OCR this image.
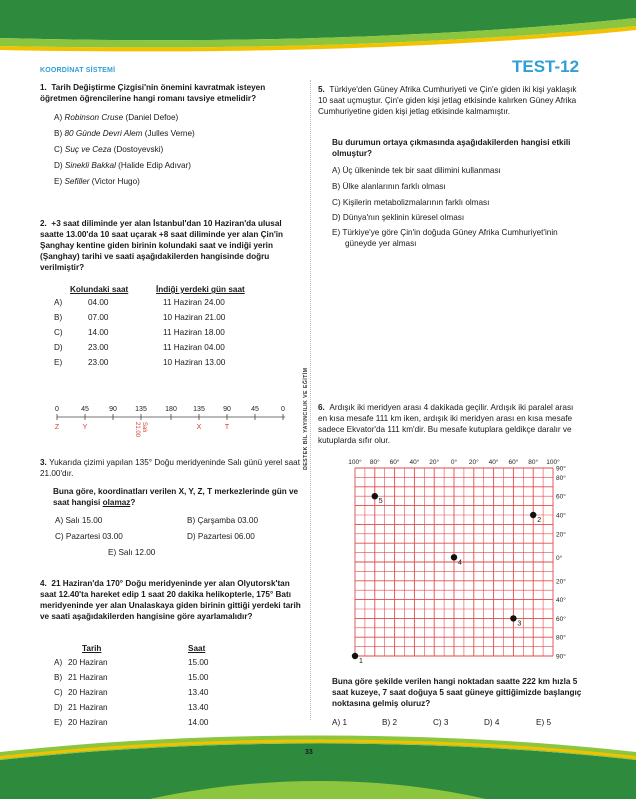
KOORDİNAT SİSTEMİ	TEST-12
DESTEK BİL YAYINCILIK VE EĞİTİM
1. Tarih Değiştirme Çizgisi'nin önemini kavratmak isteyen öğretmen öğrencilerine hangi romanı tavsiye etmelidir?
A) Robinson Cruse (Daniel Defoe)
B) 80 Günde Devri Alem (Julles Verne)
C) Suç ve Ceza (Dostoyevski)
D) Sinekli Bakkal (Halide Edip Adıvar)
E) Sefiller (Victor Hugo)
2. +3 saat diliminde yer alan İstanbul'dan 10 Haziran'da ulusal saatte 13.00'da 10 saat uçarak +8 saat diliminde yer alan Çin'in Şanghay kentine giden birinin kolundaki saat ve indiği yerin (Şanghay) tarihi ve saati aşağıdakilerden hangisinde doğru verilmiştir?
Kolundaki saat	İndiği yerdeki gün saat
A)	04.00	11 Haziran 24.00
B)	07.00	10 Haziran 21.00
C)	14.00	11 Haziran 18.00
D)	23.00	11 Haziran 04.00
E)	23.00	10 Haziran 13.00
0	45	90	135	180 135	90	45	0
Z	Y	X	T
Salı
21.00
3. Yukarıda çizimi yapılan 135° Doğu meridyeninde Salı günü yerel saat 21.00'dır.
Buna göre, koordinatları verilen X, Y, Z, T merkezlerinde gün ve saat hangisi olamaz?
A) Salı 15.00	B) Çarşamba 03.00
C) Pazartesi 03.00	D) Pazartesi 06.00
E) Salı 12.00
4. 21 Haziran'da 170° Doğu meridyeninde yer alan Olyutorsk'tan saat 12.40'ta hareket edip 1 saat 20 dakika helikopterle, 175° Batı meridyeninde yer alan Unalaskaya giden birinin gittiği yerdeki tarih ve saati aşağıdakilerden hangisine göre ayarlamalıdır?
Tarih	Saat
A) 20 Haziran	15.00
B) 21 Haziran	15.00
C) 20 Haziran	13.40
D) 21 Haziran	13.40
E) 20 Haziran	14.00
5. Türkiye'den Güney Afrika Cumhuriyeti ve Çin'e giden iki kişi yaklaşık 10 saat uçmuştur. Çin'e giden kişi jetlag etkisinde kalırken Güney Afrika Cumhuriyetine giden kişi jetlag etkisinde kalmamıştır.
Bu durumun ortaya çıkmasında aşağıdakilerden hangisi etkili olmuştur?
A) Üç ülkeninde tek bir saat dilimini kullanması
B) Ülke alanlarının farklı olması
C) Kişilerin metabolizmalarının farklı olması
D) Dünya'nın şeklinin küresel olması
E) Türkiye'ye göre Çin'in doğuda Güney Afrika Cumhuriyet'inin güneyde yer alması
6. Ardışık iki meridyen arası 4 dakikada geçilir. Ardışık iki paralel arası en kısa mesafe 111 km iken, ardışık iki meridyen arası en kısa mesafe sadece Ekvator'da 111 km'dir. Bu mesafe kutuplara geldikçe daralır ve kutuplarda sıfır olur.
100° 80° 60° 40° 20° 0° 20° 40° 60° 80° 100°
90°
80°
60°
40°
20°
0°
20°
40°
60°
80°
90°
1
2
3
4
5
Buna göre şekilde verilen hangi noktadan saatte 222 km hızla 5 saat kuzeye, 7 saat doğuya 5 saat güneye gittiğimizde başlangıç noktasına gelmiş oluruz?
A) 1	B) 2	C) 3	D) 4	E) 5
33
